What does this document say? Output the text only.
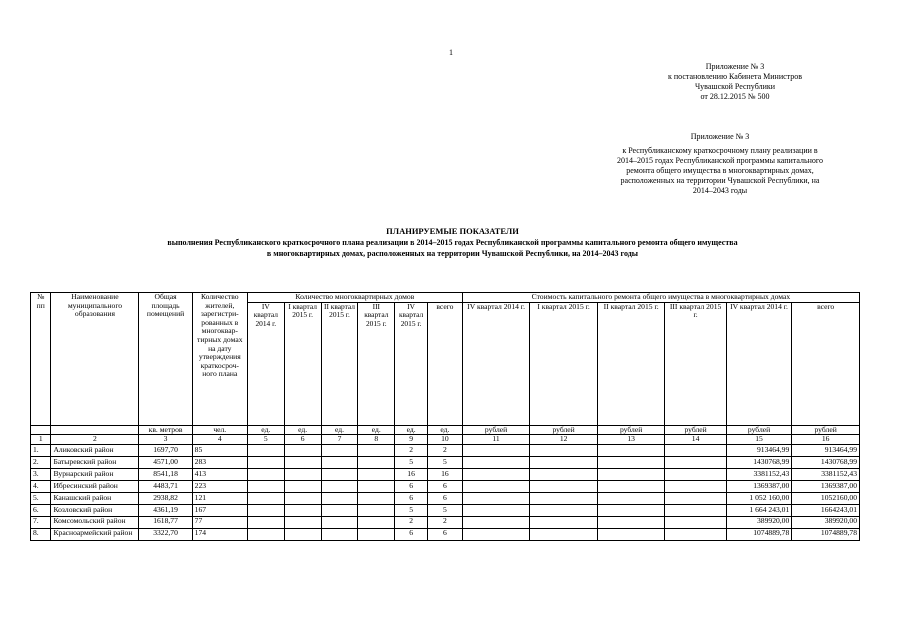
1
Приложение № 3
к постановлению Кабинета Министров
Чувашской Республики
от 28.12.2015 № 500
Приложение № 3
к Республиканскому краткосрочному плану реализации в
2014–2015 годах Республиканской программы капитального
ремонта общего имущества в многоквартирных домах,
расположенных на территории Чувашской Республики, на
2014–2043 годы
ПЛАНИРУЕМЫЕ ПОКАЗАТЕЛИ
выполнения Республиканского краткосрочного плана реализации в 2014–2015 годах Республиканской программы капитального ремонта общего имущества
в многоквартирных домах, расположенных на территории Чувашской Республики, на 2014–2043 годы
№ пп	Наименование муниципального образования	Общая площадь помещений	Количество жителей, зарегистри-рованных в многоквар-тирных домах на дату утверждения краткосроч-ного плана	Количество многоквартирных домов						Стоимость капитального ремонта общего имущества в многоквартирных домах					
				IV квартал 2014 г.	I квартал 2015 г.	II квартал 2015 г.	III квартал 2015 г.	IV квартал 2015 г.	всего	IV квартал 2014 г.	I квартал 2015 г.	II квартал 2015 г.	III квартал 2015 г.	IV квартал 2014 г.	всего
		кв. метров	чел.	ед.	ед.	ед.	ед.	ед.	ед.	рублей	рублей	рублей	рублей	рублей	рублей
1	2	3	4	5	6	7	8	9	10	11	12	13	14	15	16
1.	Аликовский район	1697,70	85					2	2					913464,99	913464,99
2.	Батыревский район	4571,00	283					5	5					1430768,99	1430768,99
3.	Вурнарский район	8541,18	413					16	16					3381152,43	3381152,43
4.	Ибресинский район	4483,71	223					6	6					1369387,00	1369387,00
5.	Канашский район	2938,82	121					6	6					1 052 160,00	1052160,00
6.	Козловский район	4361,19	167					5	5					1 664 243,01	1664243,01
7.	Комсомольский район	1618,77	77					2	2					389920,00	389920,00
8.	Красноармейский район	3322,70	174					6	6					1074889,78	1074889,78
